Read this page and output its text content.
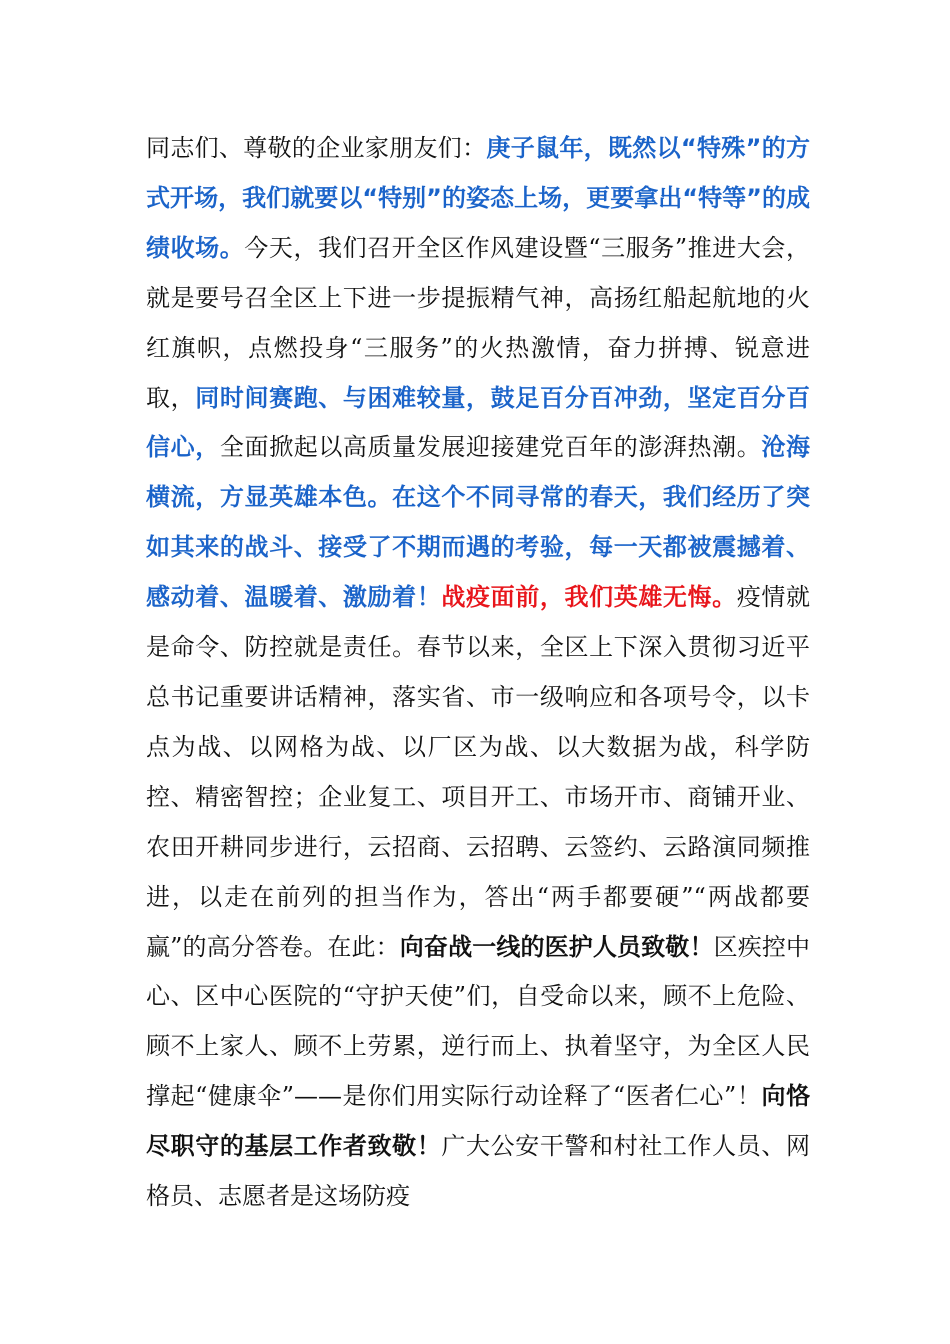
同志们、尊敬的企业家朋友们：庚子鼠年，既然以“特殊”的方式开场，我们就要以“特别”的姿态上场，更要拿出“特等”的成绩收场。今天，我们召开全区作风建设暨“三服务”推进大会，就是要号召全区上下进一步提振精气神，高扬红船起航地的火红旗帜，点燃投身“三服务”的火热激情，奋力拼搏、锐意进取，同时间赛跑、与困难较量，鼓足百分百冲劲，坚定百分百信心，全面掀起以高质量发展迎接建党百年的澎湃热潮。沧海横流，方显英雄本色。在这个不同寻常的春天，我们经历了突如其来的战斗、接受了不期而遇的考验，每一天都被震撼着、感动着、温暖着、激励着！战疫面前，我们英雄无悔。疫情就是命令、防控就是责任。春节以来，全区上下深入贯彻习近平总书记重要讲话精神，落实省、市一级响应和各项号令，以卡点为战、以网格为战、以厂区为战、以大数据为战，科学防控、精密智控；企业复工、项目开工、市场开市、商铺开业、农田开耕同步进行，云招商、云招聘、云签约、云路演同频推进，以走在前列的担当作为，答出“两手都要硬”“两战都要赢”的高分答卷。在此：向奋战一线的医护人员致敬！区疾控中心、区中心医院的“守护天使”们，自受命以来，顾不上危险、顾不上家人、顾不上劳累，逆行而上、执着坚守，为全区人民撑起“健康伞”——是你们用实际行动诠释了“医者仁心”！向恪尽职守的基层工作者致敬！广大公安干警和村社工作人员、网格员、志愿者是这场防疫
